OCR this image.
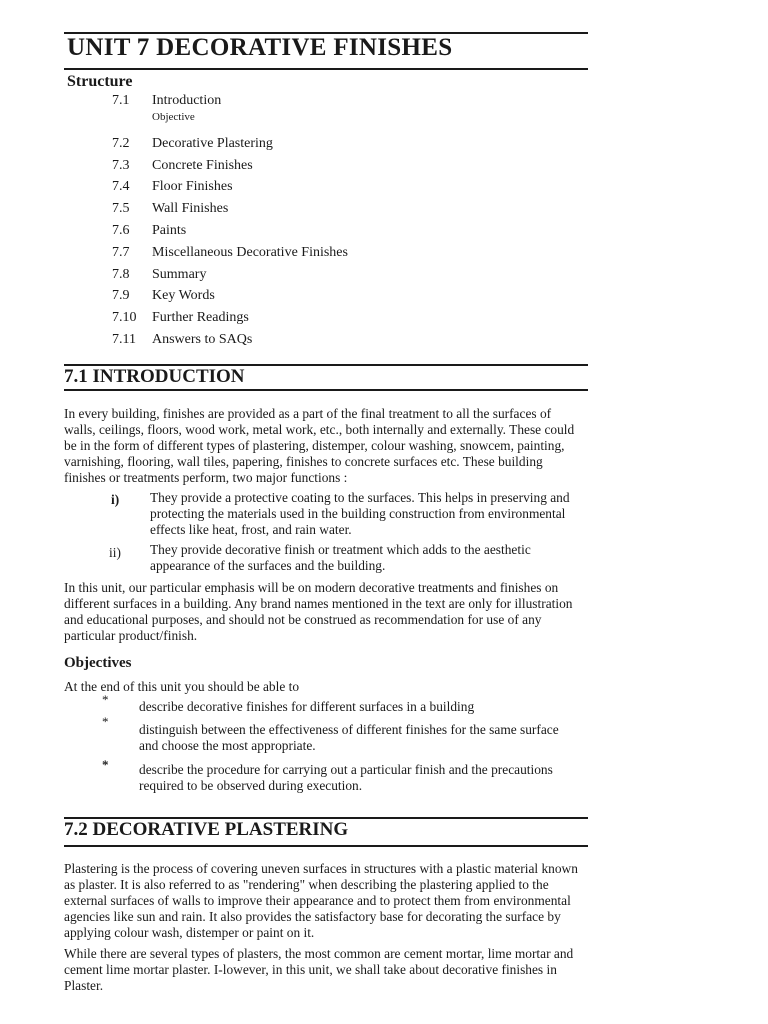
UNIT 7 DECORATIVE FINISHES
Structure
7.1 Introduction
7.2 Decorative Plastering
7.3 Concrete Finishes
7.4 Floor Finishes
7.5 Wall Finishes
7.6 Paints
7.7 Miscellaneous Decorative Finishes
7.8 Summary
7.9 Key Words
7.10 Further Readings
7.11 Answers to SAQs
Objective
7.1 INTRODUCTION

In every building, finishes are provided as a part of the final treatment to all the surfaces of walls, ceilings, floors, wood work, metal work, etc., both internally and externally. These could be in the form of different types of plastering, distemper, colour washing, snowcem, painting, varnishing, flooring, wall tiles, papering, finishes to concrete surfaces etc. These building finishes or treatments perform, two major functions :

i) They provide a protective coating to the surfaces. This helps in preserving and protecting the materials used in the building construction from environmental effects like heat, frost, and rain water.
ii) They provide decorative finish or treatment which adds to the aesthetic appearance of the surfaces and the building.

In this unit, our particular emphasis will be on modern decorative treatments and finishes on different surfaces in a building. Any brand names mentioned in the text are only for illustration and educational purposes, and should not be construed as recommendation for use of any particular product/finish.

Objectives
At the end of this unit you should be able to
* describe decorative finishes for different surfaces in a building
*
distinguish between the effectiveness of different finishes for the same surface and choose the most appropriate.
* describe the procedure for carrying out a particular finish and the precautions required to be observed during execution.
7.2 DECORATIVE PLASTERING

Plastering is the process of covering uneven surfaces in structures with a plastic material known as plaster. It is also referred to as "rendering" when describing the plastering applied to the external surfaces of walls to improve their appearance and to protect them from environmental agencies like sun and rain. It also provides the satisfactory base for decorating the surface by applying colour wash, distemper or paint on it.

While there are several types of plasters, the most common are cement mortar, lime mortar and cement lime mortar plaster. I-lowever, in this unit, we shall take about decorative finishes in Plaster.
